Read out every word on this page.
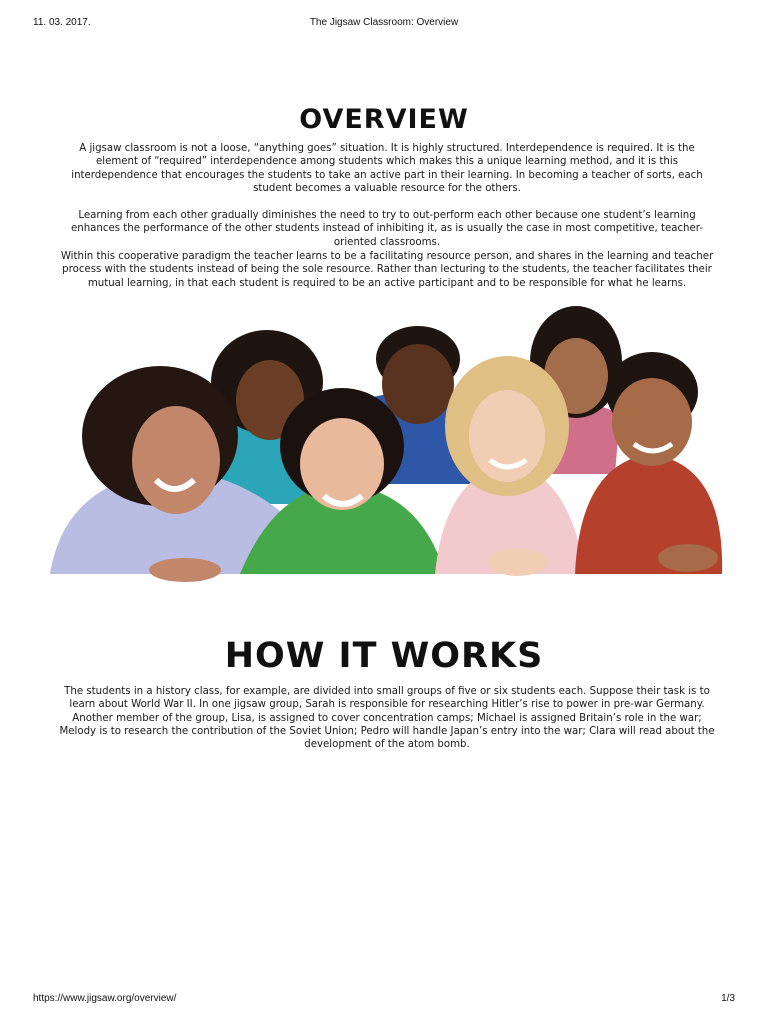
11. 03. 2017.	The Jigsaw Classroom: Overview
OVERVIEW

A jigsaw classroom is not a loose, “anything goes” situation. It is highly structured. Interdependence is required. It is the element of “required” interdependence among students which makes this a unique learning method, and it is this interdependence that encourages the students to take an active part in their learning. In becoming a teacher of sorts, each student becomes a valuable resource for the others.

Learning from each other gradually diminishes the need to try to out-perform each other because one student’s learning enhances the performance of the other students instead of inhibiting it, as is usually the case in most competitive, teacher-oriented classrooms.

Within this cooperative paradigm the teacher learns to be a facilitating resource person, and shares in the learning and teacher process with the students instead of being the sole resource. Rather than lecturing to the students, the teacher facilitates their mutual learning, in that each student is required to be an active participant and to be responsible for what he learns.

HOW IT WORKS

The students in a history class, for example, are divided into small groups of five or six students each. Suppose their task is to learn about World War II. In one jigsaw group, Sarah is responsible for researching Hitler’s rise to power in pre-war Germany. Another member of the group, Lisa, is assigned to cover concentration camps; Michael is assigned Britain’s role in the war; Melody is to research the contribution of the Soviet Union; Pedro will handle Japan’s entry into the war; Clara will read about the development of the atom bomb.

https://www.jigsaw.org/overview/	1/3
